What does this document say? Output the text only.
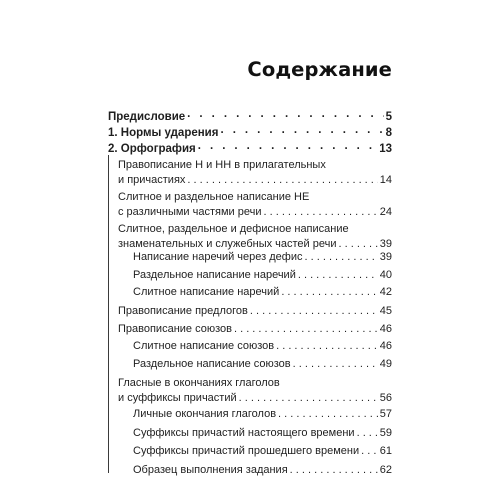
Содержание
Предисловие · · ·	5
1. Нормы ударения · · ·	8
2. Орфография · · ·	13
Правописание Н и НН в прилагательных
и причастиях . . .	14
Слитное и раздельное написание НЕ
с различными частями речи . . .	24
Слитное, раздельное и дефисное написание
знаменательных и служебных частей речи . . .	39
Написание наречий через дефис . . .	39
Раздельное написание наречий . . .	40
Слитное написание наречий . . .	42
Правописание предлогов . . .	45
Правописание союзов . . .	46
Слитное написание союзов . . .	46
Раздельное написание союзов . . .	49
Гласные в окончаниях глаголов
и суффиксы причастий . . .	56
Личные окончания глаголов . . .	57
Суффиксы причастий настоящего времени . . . 59
Суффиксы причастий прошедшего времени . . . 61
Образец выполнения задания . . .	62
